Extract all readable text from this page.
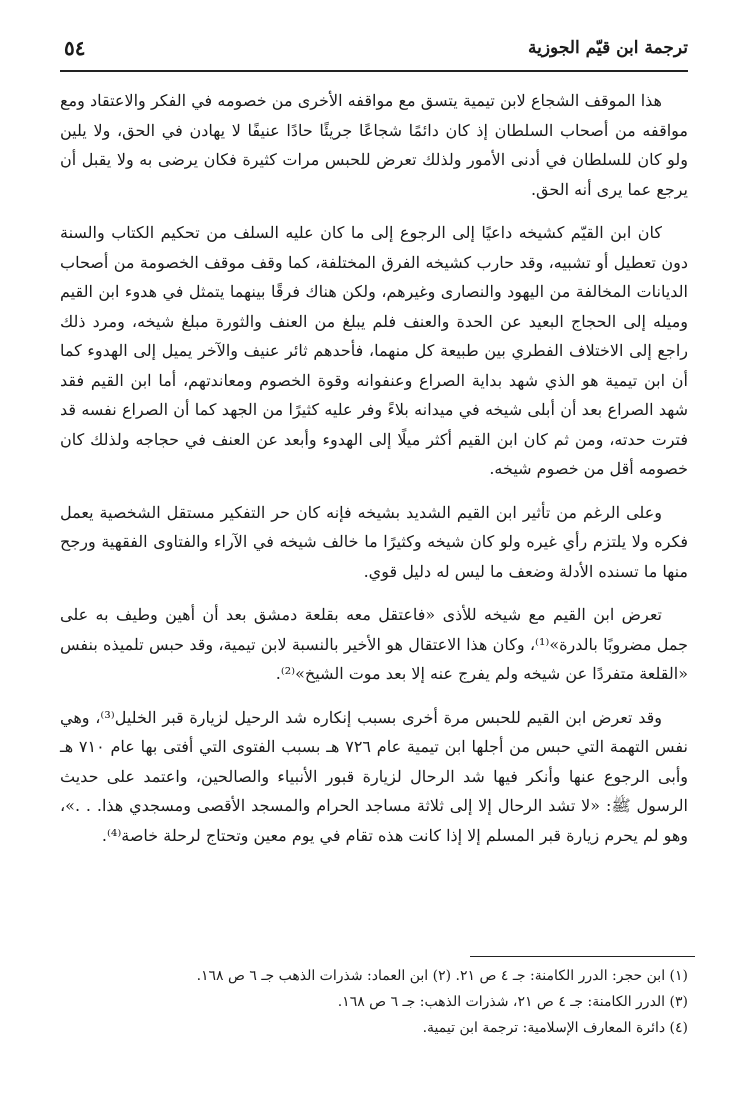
ترجمة ابن قيّم الجوزية
٥٤

هذا الموقف الشجاع لابن تيمية يتسق مع مواقفه الأخرى من خصومه في الفكر والاعتقاد ومع مواقفه من أصحاب السلطان إذ كان دائمًا شجاعًا جريئًا حادًا عنيفًا لا يهادن في الحق، ولا يلين ولو كان للسلطان في أدنى الأمور ولذلك تعرض للحبس مرات كثيرة فكان يرضى به ولا يقبل أن يرجع عما يرى أنه الحق.

كان ابن القيّم كشيخه داعيًا إلى الرجوع إلى ما كان عليه السلف من تحكيم الكتاب والسنة دون تعطيل أو تشبيه، وقد حارب كشيخه الفرق المختلفة، كما وقف موقف الخصومة من أصحاب الديانات المخالفة من اليهود والنصارى وغيرهم، ولكن هناك فرقًا بينهما يتمثل في هدوء ابن القيم وميله إلى الحجاج البعيد عن الحدة والعنف فلم يبلغ من العنف والثورة مبلغ شيخه، ومرد ذلك راجع إلى الاختلاف الفطري بين طبيعة كل منهما، فأحدهم ثائر عنيف والآخر يميل إلى الهدوء كما أن ابن تيمية هو الذي شهد بداية الصراع وعنفوانه وقوة الخصوم ومعاندتهم، أما ابن القيم فقد شهد الصراع بعد أن أبلى شيخه في ميدانه بلاءً وفر عليه كثيرًا من الجهد كما أن الصراع نفسه قد فترت حدته، ومن ثم كان ابن القيم أكثر ميلًا إلى الهدوء وأبعد عن العنف في حجاجه ولذلك كان خصومه أقل من خصوم شيخه.

وعلى الرغم من تأثير ابن القيم الشديد بشيخه فإنه كان حر التفكير مستقل الشخصية يعمل فكره ولا يلتزم رأي غيره ولو كان شيخه وكثيرًا ما خالف شيخه في الآراء والفتاوى الفقهية ورجح منها ما تسنده الأدلة وضعف ما ليس له دليل قوي.

تعرض ابن القيم مع شيخه للأذى «فاعتقل معه بقلعة دمشق بعد أن أهين وطيف به على جمل مضروبًا بالدرة»⁽¹⁾، وكان هذا الاعتقال هو الأخير بالنسبة لابن تيمية، وقد حبس تلميذه بنفس «القلعة متفردًا عن شيخه ولم يفرج عنه إلا بعد موت الشيخ»⁽²⁾.

وقد تعرض ابن القيم للحبس مرة أخرى بسبب إنكاره شد الرحيل لزيارة قبر الخليل⁽³⁾، وهي نفس التهمة التي حبس من أجلها ابن تيمية عام ٧٢٦ هـ بسبب الفتوى التي أفتى بها عام ٧١٠ هـ وأبى الرجوع عنها وأنكر فيها شد الرحال لزيارة قبور الأنبياء والصالحين، واعتمد على حديث الرسول ﷺ: «لا تشد الرحال إلا إلى ثلاثة مساجد الحرام والمسجد الأقصى ومسجدي هذا. . .»، وهو لم يحرم زيارة قبر المسلم إلا إذا كانت هذه تقام في يوم معين وتحتاج لرحلة خاصة⁽⁴⁾.

(١) ابن حجر: الدرر الكامنة: جـ ٤ ص ٢١. (٢) ابن العماد: شذرات الذهب جـ ٦ ص ١٦٨.

(٣) الدرر الكامنة: جـ ٤ ص ٢١، شذرات الذهب: جـ ٦ ص ١٦٨.

(٤) دائرة المعارف الإسلامية: ترجمة ابن تيمية.
